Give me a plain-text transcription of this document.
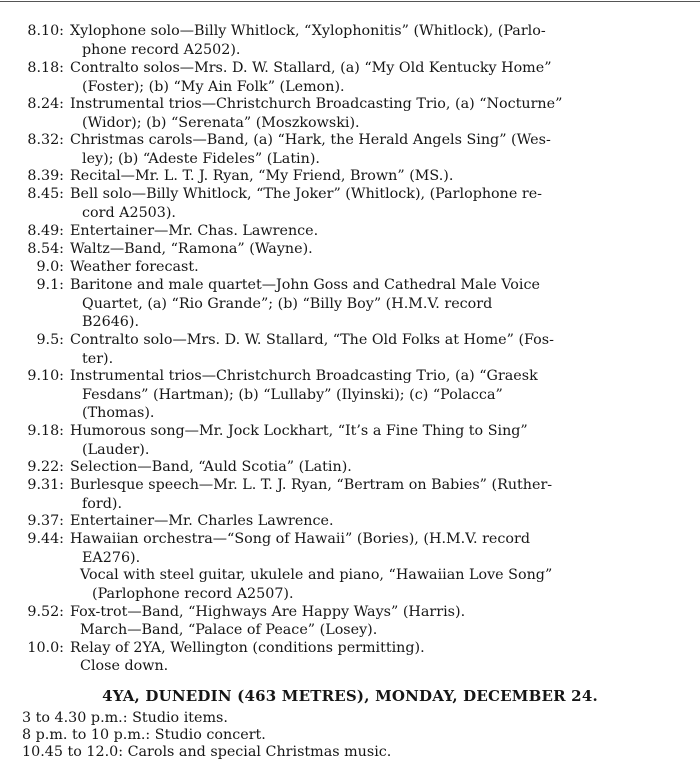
8.10: Xylophone solo—Billy Whitlock, “Xylophonitis” (Whitlock), (Parlo-
phone record A2502).
8.18: Contralto solos—Mrs. D. W. Stallard, (a) “My Old Kentucky Home”
(Foster); (b) “My Ain Folk” (Lemon).
8.24: Instrumental trios—Christchurch Broadcasting Trio, (a) “Nocturne”
(Widor); (b) “Serenata” (Moszkowski).
8.32: Christmas carols—Band, (a) “Hark, the Herald Angels Sing” (Wes-
ley); (b) “Adeste Fideles” (Latin).
8.39: Recital—Mr. L. T. J. Ryan, “My Friend, Brown” (MS.).
8.45: Bell solo—Billy Whitlock, “The Joker” (Whitlock), (Parlophone re-
cord A2503).
8.49: Entertainer—Mr. Chas. Lawrence.
8.54: Waltz—Band, “Ramona” (Wayne).
9.0: Weather forecast.
9.1: Baritone and male quartet—John Goss and Cathedral Male Voice
Quartet, (a) “Rio Grande”; (b) “Billy Boy” (H.M.V. record
B2646).
9.5: Contralto solo—Mrs. D. W. Stallard, “The Old Folks at Home” (Fos-
ter).
9.10: Instrumental trios—Christchurch Broadcasting Trio, (a) “Graesk
Fesdans” (Hartman); (b) “Lullaby” (Ilyinski); (c) “Polacca”
(Thomas).
9.18: Humorous song—Mr. Jock Lockhart, “It’s a Fine Thing to Sing”
(Lauder).
9.22: Selection—Band, “Auld Scotia” (Latin).
9.31: Burlesque speech—Mr. L. T. J. Ryan, “Bertram on Babies” (Ruther-
ford).
9.37: Entertainer—Mr. Charles Lawrence.
9.44: Hawaiian orchestra—“Song of Hawaii” (Bories), (H.M.V. record
EA276).
Vocal with steel guitar, ukulele and piano, “Hawaiian Love Song”
(Parlophone record A2507).
9.52: Fox-trot—Band, “Highways Are Happy Ways” (Harris).
March—Band, “Palace of Peace” (Losey).
10.0: Relay of 2YA, Wellington (conditions permitting).
Close down.
4YA, DUNEDIN (463 METRES), MONDAY, DECEMBER 24.
3 to 4.30 p.m.: Studio items.
8 p.m. to 10 p.m.: Studio concert.
10.45 to 12.0: Carols and special Christmas music.
